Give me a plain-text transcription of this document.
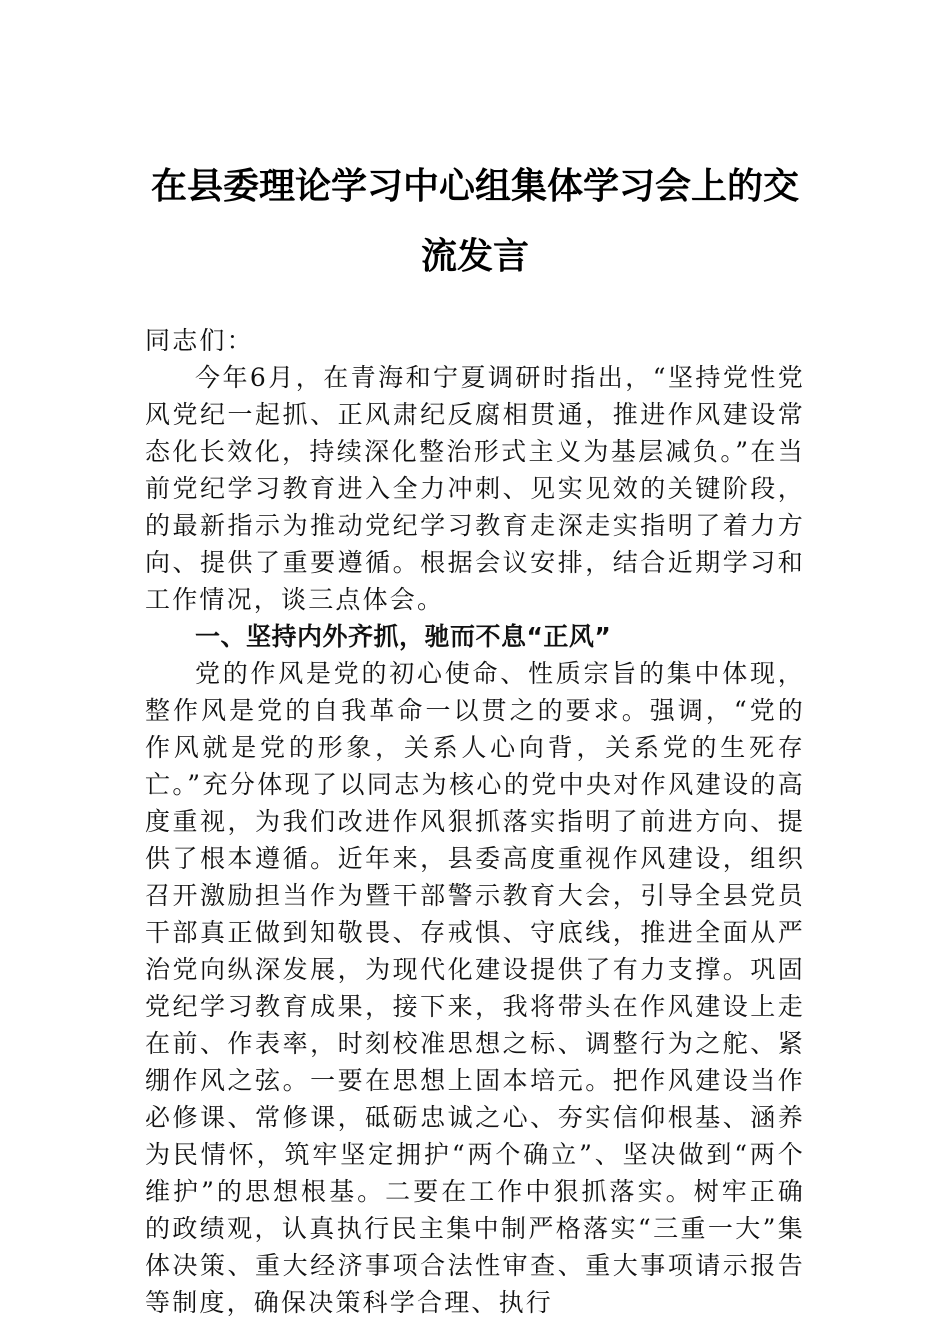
在县委理论学习中心组集体学习会上的交
流发言

同志们：

今年6月，在青海和宁夏调研时指出，“坚持党性党风党纪一起抓、正风肃纪反腐相贯通，推进作风建设常态化长效化，持续深化整治形式主义为基层减负。”在当前党纪学习教育进入全力冲刺、见实见效的关键阶段，的最新指示为推动党纪学习教育走深走实指明了着力方向、提供了重要遵循。根据会议安排，结合近期学习和工作情况，谈三点体会。

一、坚持内外齐抓，驰而不息“正风”

党的作风是党的初心使命、性质宗旨的集中体现，整作风是党的自我革命一以贯之的要求。强调，“党的作风就是党的形象，关系人心向背，关系党的生死存亡。”充分体现了以同志为核心的党中央对作风建设的高度重视，为我们改进作风狠抓落实指明了前进方向、提供了根本遵循。近年来，县委高度重视作风建设，组织召开激励担当作为暨干部警示教育大会，引导全县党员干部真正做到知敬畏、存戒惧、守底线，推进全面从严治党向纵深发展，为现代化建设提供了有力支撑。巩固党纪学习教育成果，接下来，我将带头在作风建设上走在前、作表率，时刻校准思想之标、调整行为之舵、紧绷作风之弦。一要在思想上固本培元。把作风建设当作必修课、常修课，砥砺忠诚之心、夯实信仰根基、涵养为民情怀，筑牢坚定拥护“两个确立”、坚决做到“两个维护”的思想根基。二要在工作中狠抓落实。树牢正确的政绩观，认真执行民主集中制严格落实“三重一大”集体决策、重大经济事项合法性审查、重大事项请示报告等制度，确保决策科学合理、执行
